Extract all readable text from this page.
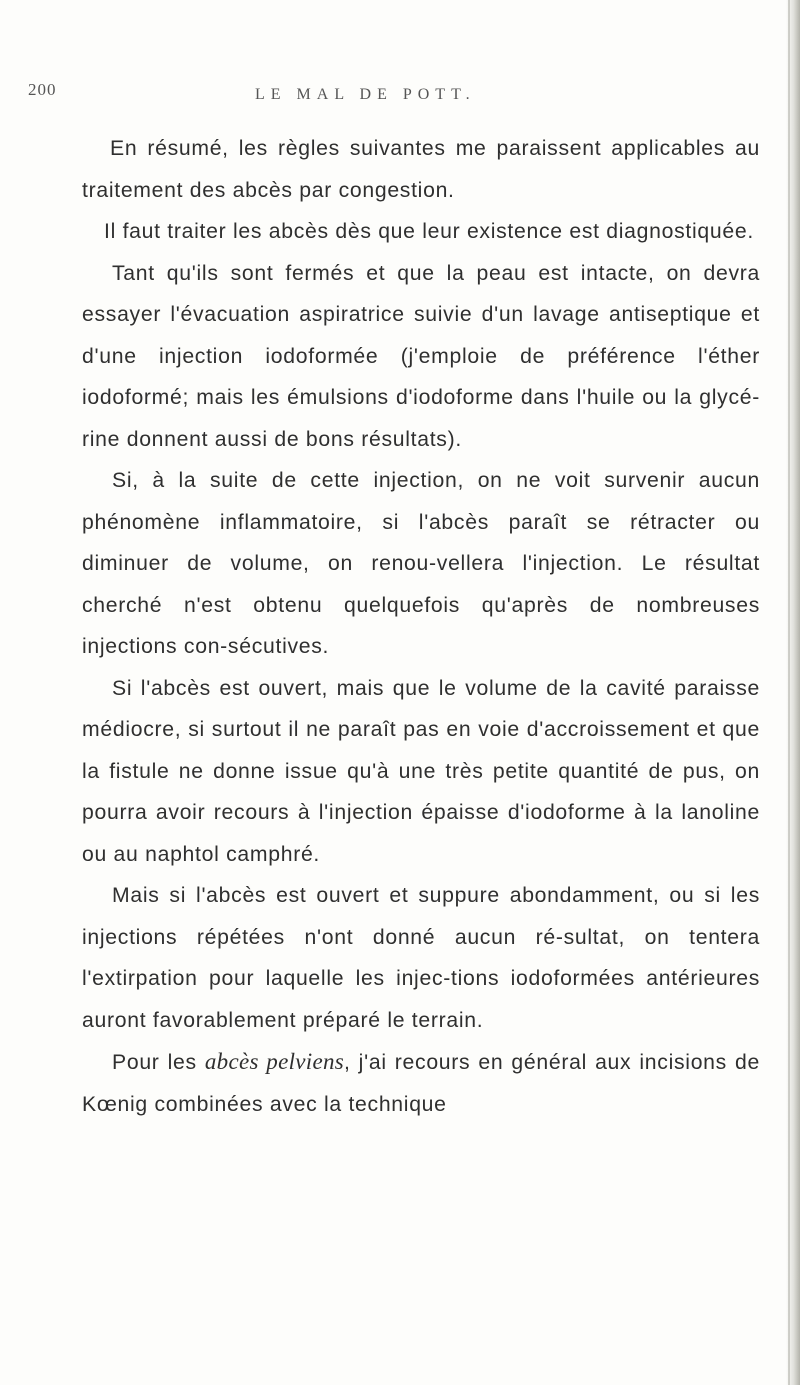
200	LE MAL DE POTT.

En résumé, les règles suivantes me paraissent applicables au traitement des abcès par congestion.

Il faut traiter les abcès dès que leur existence est diagnostiquée.

Tant qu'ils sont fermés et que la peau est intacte, on devra essayer l'évacuation aspiratrice suivie d'un lavage antiseptique et d'une injection iodoformée (j'emploie de préférence l'éther iodoformé; mais les émulsions d'iodoforme dans l'huile ou la glycé-rine donnent aussi de bons résultats).

Si, à la suite de cette injection, on ne voit survenir aucun phénomène inflammatoire, si l'abcès paraît se rétracter ou diminuer de volume, on renou-vellera l'injection. Le résultat cherché n'est obtenu quelquefois qu'après de nombreuses injections con-sécutives.

Si l'abcès est ouvert, mais que le volume de la cavité paraisse médiocre, si surtout il ne paraît pas en voie d'accroissement et que la fistule ne donne issue qu'à une très petite quantité de pus, on pourra avoir recours à l'injection épaisse d'iodoforme à la lanoline ou au naphtol camphré.

Mais si l'abcès est ouvert et suppure abondamment, ou si les injections répétées n'ont donné aucun ré-sultat, on tentera l'extirpation pour laquelle les injec-tions iodoformées antérieures auront favorablement préparé le terrain.

Pour les abcès pelviens, j'ai recours en général aux incisions de Kœnig combinées avec la technique
